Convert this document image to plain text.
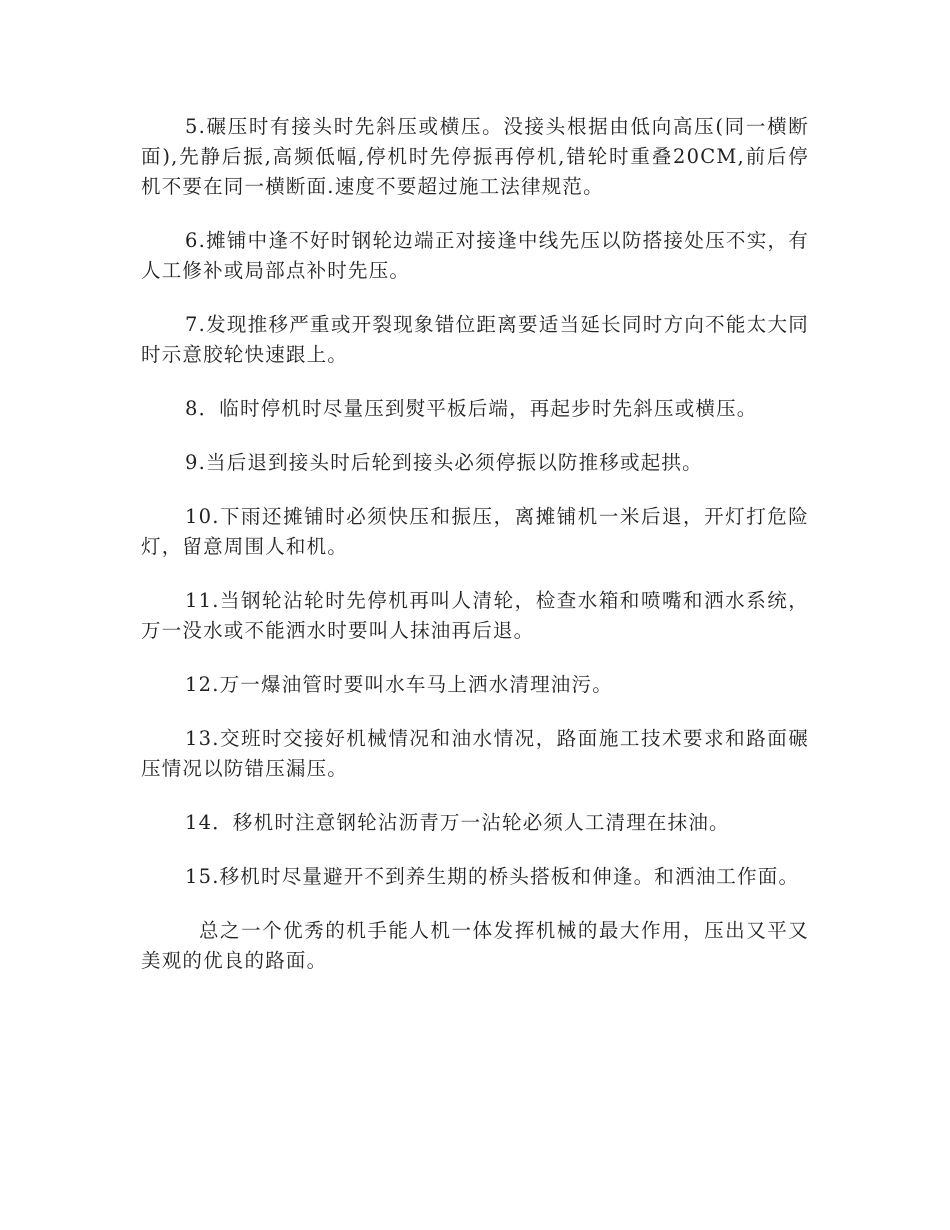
5.碾压时有接头时先斜压或横压。没接头根据由低向高压(同一横断面),先静后振,高频低幅,停机时先停振再停机,错轮时重叠20CM,前后停机不要在同一横断面.速度不要超过施工法律规范。

6.摊铺中逢不好时钢轮边端正对接逢中线先压以防搭接处压不实，有人工修补或局部点补时先压。

7.发现推移严重或开裂现象错位距离要适当延长同时方向不能太大同时示意胶轮快速跟上。

8．临时停机时尽量压到熨平板后端，再起步时先斜压或横压。

9.当后退到接头时后轮到接头必须停振以防推移或起拱。

10.下雨还摊铺时必须快压和振压，离摊铺机一米后退，开灯打危险灯，留意周围人和机。

11.当钢轮沾轮时先停机再叫人清轮，检查水箱和喷嘴和洒水系统，万一没水或不能洒水时要叫人抹油再后退。

12.万一爆油管时要叫水车马上洒水清理油污。

13.交班时交接好机械情况和油水情况，路面施工技术要求和路面碾压情况以防错压漏压。

14．移机时注意钢轮沾沥青万一沾轮必须人工清理在抹油。

15.移机时尽量避开不到养生期的桥头搭板和伸逢。和洒油工作面。

总之一个优秀的机手能人机一体发挥机械的最大作用，压出又平又美观的优良的路面。
